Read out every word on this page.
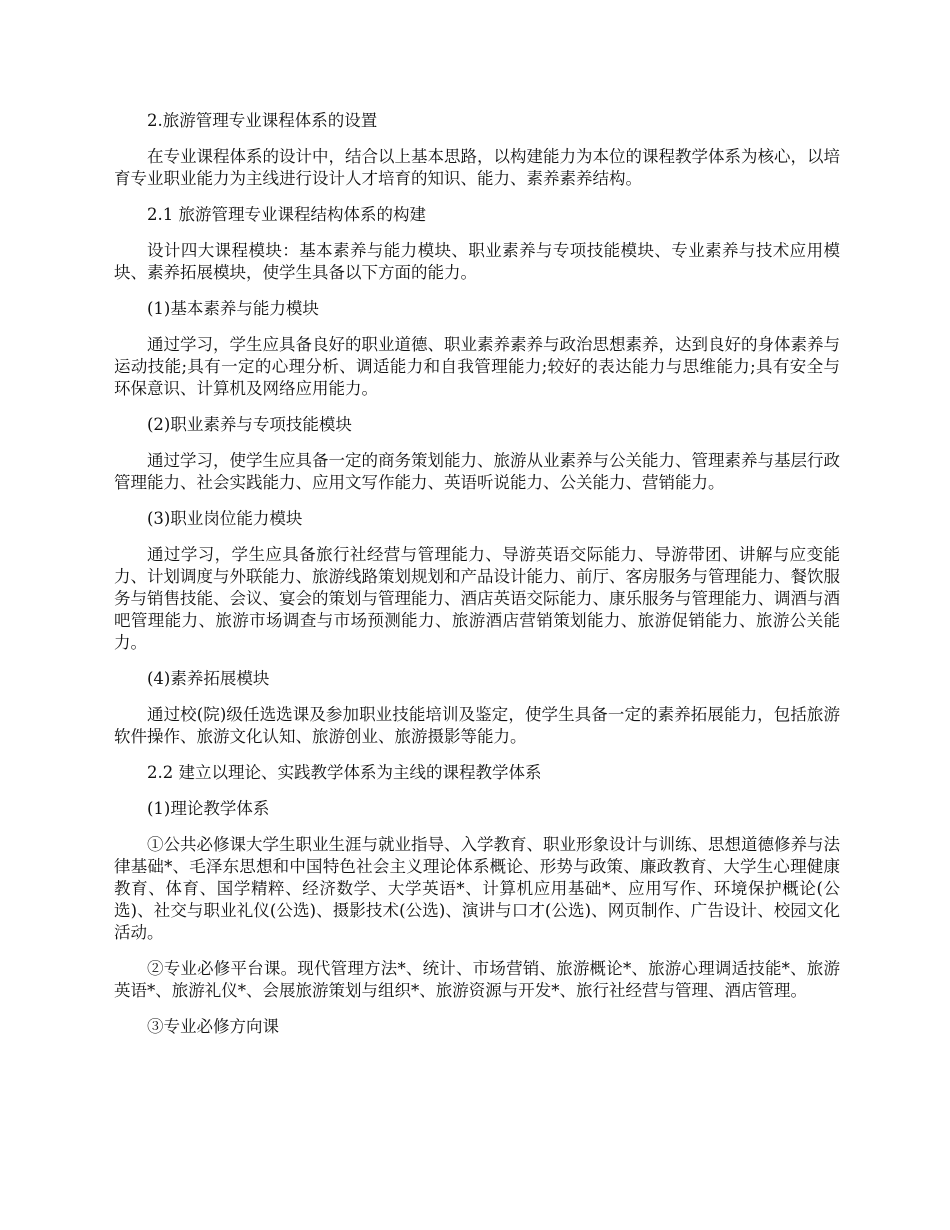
2.旅游管理专业课程体系的设置

在专业课程体系的设计中，结合以上基本思路，以构建能力为本位的课程教学体系为核心，以培育专业职业能力为主线进行设计人才培育的知识、能力、素养素养结构。

2.1 旅游管理专业课程结构体系的构建

设计四大课程模块：基本素养与能力模块、职业素养与专项技能模块、专业素养与技术应用模块、素养拓展模块，使学生具备以下方面的能力。

(1)基本素养与能力模块

通过学习，学生应具备良好的职业道德、职业素养素养与政治思想素养，达到良好的身体素养与运动技能;具有一定的心理分析、调适能力和自我管理能力;较好的表达能力与思维能力;具有安全与环保意识、计算机及网络应用能力。

(2)职业素养与专项技能模块

通过学习，使学生应具备一定的商务策划能力、旅游从业素养与公关能力、管理素养与基层行政管理能力、社会实践能力、应用文写作能力、英语听说能力、公关能力、营销能力。

(3)职业岗位能力模块

通过学习，学生应具备旅行社经营与管理能力、导游英语交际能力、导游带团、讲解与应变能力、计划调度与外联能力、旅游线路策划规划和产品设计能力、前厅、客房服务与管理能力、餐饮服务与销售技能、会议、宴会的策划与管理能力、酒店英语交际能力、康乐服务与管理能力、调酒与酒吧管理能力、旅游市场调查与市场预测能力、旅游酒店营销策划能力、旅游促销能力、旅游公关能力。

(4)素养拓展模块

通过校(院)级任选选课及参加职业技能培训及鉴定，使学生具备一定的素养拓展能力，包括旅游软件操作、旅游文化认知、旅游创业、旅游摄影等能力。

2.2 建立以理论、实践教学体系为主线的课程教学体系

(1)理论教学体系

①公共必修课大学生职业生涯与就业指导、入学教育、职业形象设计与训练、思想道德修养与法律基础*、毛泽东思想和中国特色社会主义理论体系概论、形势与政策、廉政教育、大学生心理健康教育、体育、国学精粹、经济数学、大学英语*、计算机应用基础*、应用写作、环境保护概论(公选)、社交与职业礼仪(公选)、摄影技术(公选)、演讲与口才(公选)、网页制作、广告设计、校园文化活动。

②专业必修平台课。现代管理方法*、统计、市场营销、旅游概论*、旅游心理调适技能*、旅游英语*、旅游礼仪*、会展旅游策划与组织*、旅游资源与开发*、旅行社经营与管理、酒店管理。

③专业必修方向课
